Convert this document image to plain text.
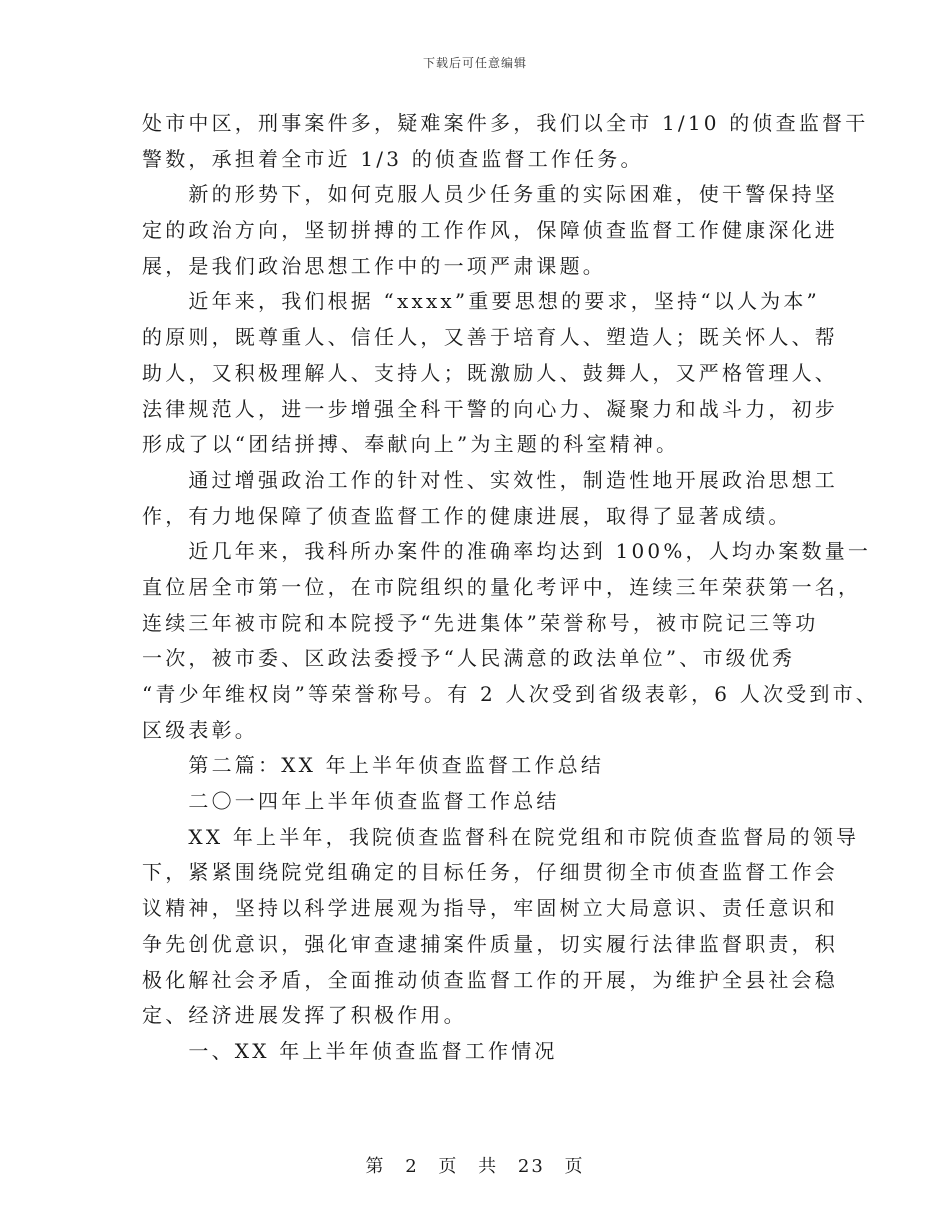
下载后可任意编辑
处市中区，刑事案件多，疑难案件多，我们以全市 1/10 的侦查监督干
警数，承担着全市近 1/3 的侦查监督工作任务。
　　新的形势下，如何克服人员少任务重的实际困难，使干警保持坚
定的政治方向，坚韧拼搏的工作作风，保障侦查监督工作健康深化进
展，是我们政治思想工作中的一项严肃课题。
　　近年来，我们根据 “xxxx”重要思想的要求，坚持“以人为本”
的原则，既尊重人、信任人，又善于培育人、塑造人；既关怀人、帮
助人，又积极理解人、支持人；既激励人、鼓舞人，又严格管理人、
法律规范人，进一步增强全科干警的向心力、凝聚力和战斗力，初步
形成了以“团结拼搏、奉献向上”为主题的科室精神。
　　通过增强政治工作的针对性、实效性，制造性地开展政治思想工
作，有力地保障了侦查监督工作的健康进展，取得了显著成绩。
　　近几年来，我科所办案件的准确率均达到 100%，人均办案数量一
直位居全市第一位，在市院组织的量化考评中，连续三年荣获第一名，
连续三年被市院和本院授予“先进集体”荣誉称号，被市院记三等功
一次，被市委、区政法委授予“人民满意的政法单位”、市级优秀
“青少年维权岗”等荣誉称号。有 2 人次受到省级表彰，6 人次受到市、
区级表彰。
　　第二篇：XX 年上半年侦查监督工作总结
　　二〇一四年上半年侦查监督工作总结
　　XX 年上半年，我院侦查监督科在院党组和市院侦查监督局的领导
下，紧紧围绕院党组确定的目标任务，仔细贯彻全市侦查监督工作会
议精神，坚持以科学进展观为指导，牢固树立大局意识、责任意识和
争先创优意识，强化审查逮捕案件质量，切实履行法律监督职责，积
极化解社会矛盾，全面推动侦查监督工作的开展，为维护全县社会稳
定、经济进展发挥了积极作用。
　　一、XX 年上半年侦查监督工作情况
第 2 页 共 23 页
